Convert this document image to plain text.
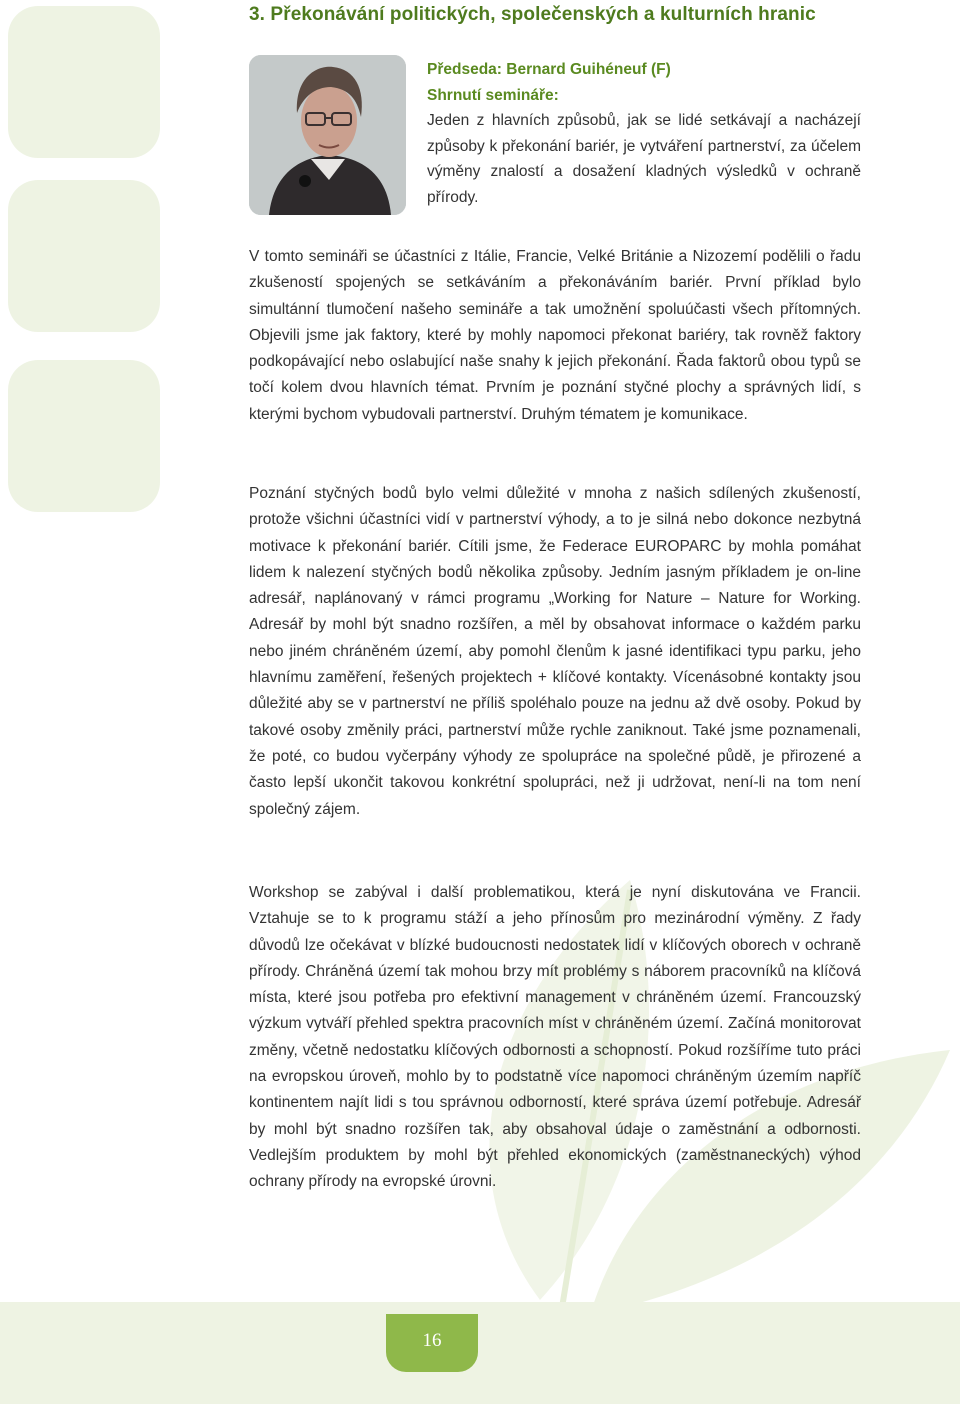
3. Překonávání politických, společenských a kulturních hranic
Předseda: Bernard Guihéneuf (F)
Shrnutí semináře:
Jeden z hlavních způsobů, jak se lidé setkávají a nacházejí způsoby k překonání bariér, je vytváření partnerství, za účelem výměny znalostí a dosažení kladných výsledků v ochraně přírody.

V tomto semináři se účastníci z Itálie, Francie, Velké Británie a Nizozemí podělili o řadu zkušeností spojených se setkáváním a překonáváním bariér. První příklad bylo simultánní tlumočení našeho semináře a tak umožnění spoluúčasti všech přítomných. Objevili jsme jak faktory, které by mohly napomoci překonat bariéry, tak rovněž faktory podkopávající nebo oslabující naše snahy k jejich překonání. Řada faktorů obou typů se točí kolem dvou hlavních témat. Prvním je poznání styčné plochy a správných lidí, s kterými bychom vybudovali partnerství. Druhým tématem je komunikace.

Poznání styčných bodů bylo velmi důležité v mnoha z našich sdílených zkušeností, protože všichni účastníci vidí v partnerství výhody, a to je silná nebo dokonce nezbytná motivace k překonání bariér. Cítili jsme, že Federace EUROPARC by mohla pomáhat lidem k nalezení styčných bodů několika způsoby. Jedním jasným příkladem je on-line adresář, naplánovaný v rámci programu „Working for Nature – Nature for Working. Adresář by mohl být snadno rozšířen, a měl by obsahovat informace o každém parku nebo jiném chráněném území, aby pomohl členům k jasné identifikaci typu parku, jeho hlavnímu zaměření, řešených projektech + klíčové kontakty. Vícenásobné kontakty jsou důležité aby se v partnerství ne příliš spoléhalo pouze na jednu až dvě osoby. Pokud by takové osoby změnily práci, partnerství může rychle zaniknout. Také jsme poznamenali, že poté, co budou vyčerpány výhody ze spolupráce na společné půdě, je přirozené a často lepší ukončit takovou konkrétní spolupráci, než ji udržovat, není-li na tom není společný zájem.

Workshop se zabýval i další problematikou, která je nyní diskutována ve Francii. Vztahuje se to k programu stáží a jeho přínosům pro mezinárodní výměny. Z řady důvodů lze očekávat v blízké budoucnosti nedostatek lidí v klíčových oborech v ochraně přírody. Chráněná území tak mohou brzy mít problémy s náborem pracovníků na klíčová místa, které jsou potřeba pro efektivní management v chráněném území. Francouzský výzkum vytváří přehled spektra pracovních míst v chráněném území. Začíná monitorovat změny, včetně nedostatku klíčových odbornosti a schopností. Pokud rozšíříme tuto práci na evropskou úroveň, mohlo by to podstatně více napomoci chráněným územím napříč kontinentem najít lidi s tou správnou odborností, které správa území potřebuje. Adresář by mohl být snadno rozšířen tak, aby obsahoval údaje o zaměstnání a odbornosti. Vedlejším produktem by mohl být přehled ekonomických (zaměstnaneckých) výhod ochrany přírody na evropské úrovni.

16
